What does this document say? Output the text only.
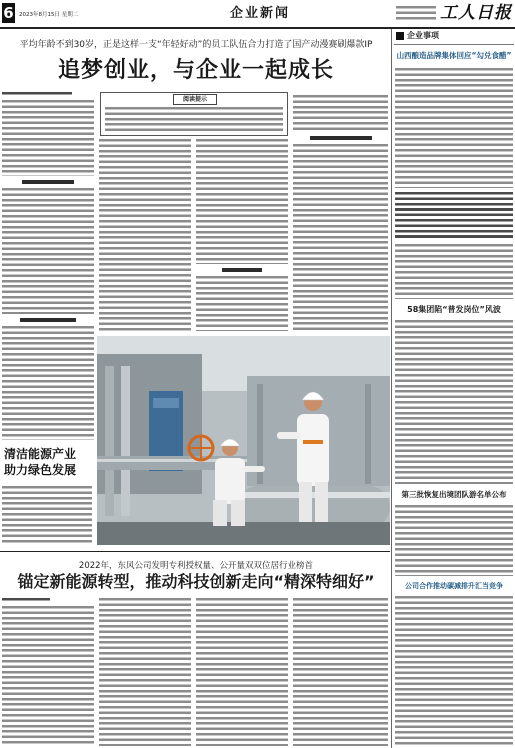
6 2023年8月15日 星期二	企业新闻	工人日报
平均年龄不到30岁，正是这样一支“年轻好动”的员工队伍合力打造了国产动漫赛刷爆款IP
追梦创业，与企业一起成长
阅读提示
清洁能源产业
助力绿色发展
2022年，东风公司发明专利授权量、公开量双双位居行业榜首
锚定新能源转型，推动科技创新走向“精深特细好”
企业事项
山西酿造品牌集体回应“勾兑食醋”
58集团陷“普发岗位”风波
第三批恢复出境团队游名单公布
公司合作推动碳减排升汇当竞争
